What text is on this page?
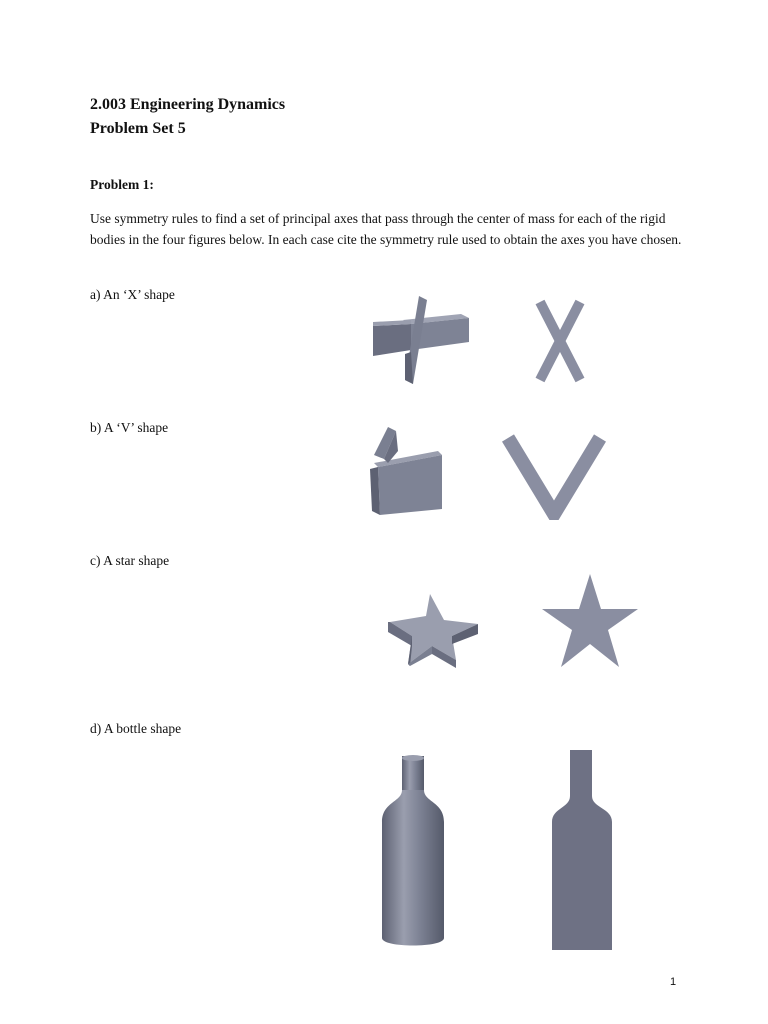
2.003 Engineering Dynamics
Problem Set 5
Problem 1:
Use symmetry rules to find a set of principal axes that pass through the center of mass for each of the rigid bodies in the four figures below. In each case cite the symmetry rule used to obtain the axes you have chosen.
a) An ‘X’ shape
b) A ‘V’ shape
c) A star shape
d) A bottle shape
1
